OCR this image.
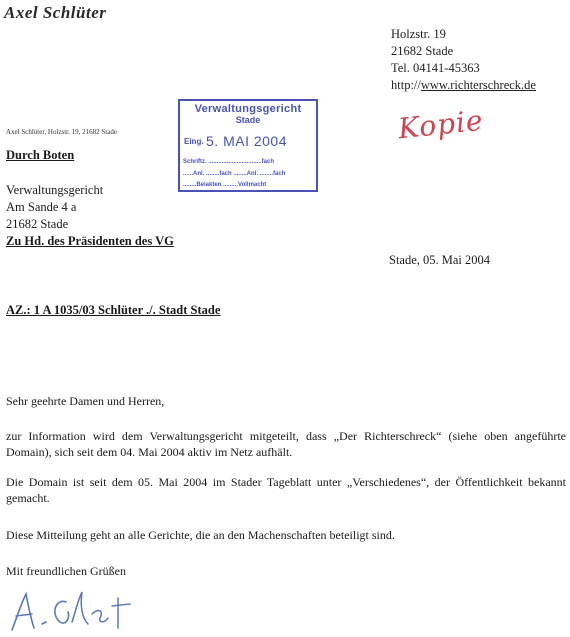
Axel Schlüter
Holzstr. 19
21682 Stade
Tel. 04141-45363
http://www.richterschreck.de
Kopie
Verwaltungsgericht
Stade
Eing. 5. MAI 2004
Schriftz. ................................fach
......Anl. ........fach ........Anl. ........fach
........Beiakten .........Vollmacht
Axel Schlüter, Holzstr. 19, 21682 Stade
Durch Boten
Verwaltungsgericht
Am Sande 4 a
21682 Stade
Zu Hd. des Präsidenten des VG
Stade, 05. Mai 2004
AZ.: 1 A 1035/03 Schlüter ./. Stadt Stade
Sehr geehrte Damen und Herren,
zur Information wird dem Verwaltungsgericht mitgeteilt, dass „Der Richterschreck“ (siehe oben angeführte Domain), sich seit dem 04. Mai 2004 aktiv im Netz aufhält.
Die Domain ist seit dem 05. Mai 2004 im Stader Tageblatt unter „Verschiedenes“, der Öffentlichkeit bekannt gemacht.
Diese Mitteilung geht an alle Gerichte, die an den Machenschaften beteiligt sind.
Mit freundlichen Grüßen
